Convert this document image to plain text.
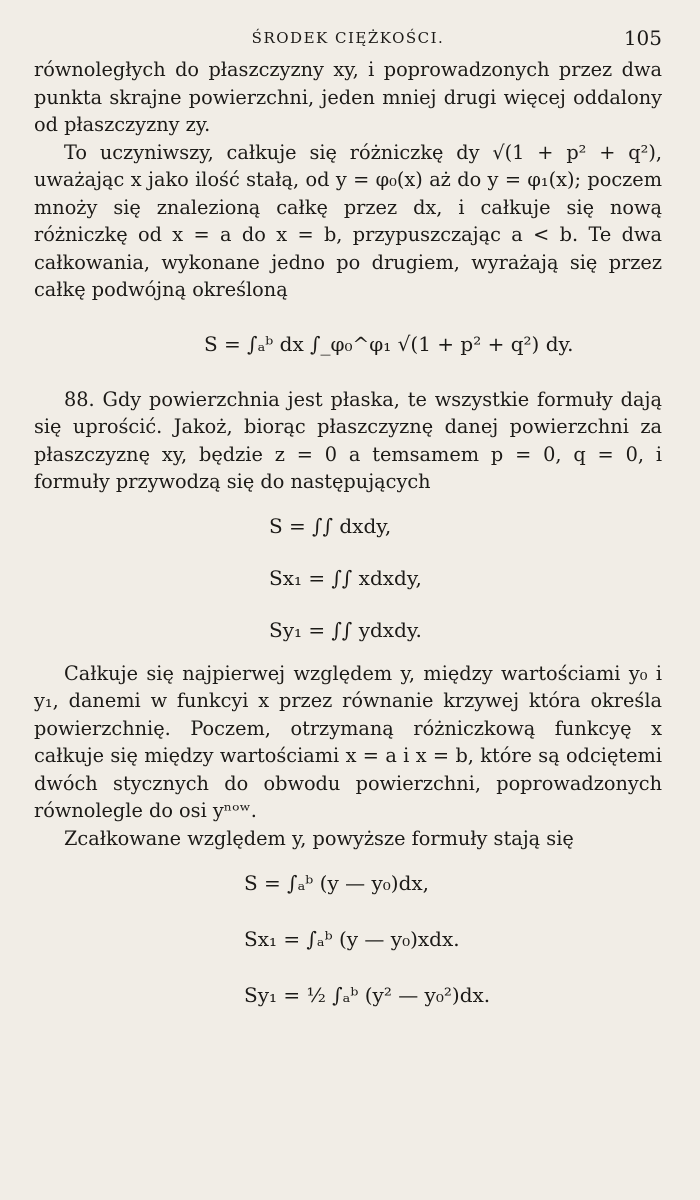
ŚRODEK CIĘŻKOŚCI.	105

równoległych do płaszczyzny xy, i poprowadzonych przez dwa punkta skrajne powierzchni, jeden mniej drugi więcej oddalony od płaszczyzny zy.

To uczyniwszy, całkuje się różniczkę dy √(1 + p² + q²), uważając x jako ilość stałą, od y = φ₀(x) aż do y = φ₁(x); poczem mnoży się znalezioną całkę przez dx, i całkuje się nową różniczkę od x = a do x = b, przypuszczając a < b. Te dwa całkowania, wykonane jedno po drugiem, wyrażają się przez całkę podwójną określoną

S = ∫ₐᵇ dx ∫_φ₀^φ₁ √(1 + p² + q²) dy.

88. Gdy powierzchnia jest płaska, te wszystkie formuły dają się uprościć. Jakoż, biorąc płaszczyznę danej powierzchni za płaszczyznę xy, będzie z = 0 a temsamem p = 0, q = 0, i formuły przywodzą się do następujących

S = ∫∫ dxdy,
Sx₁ = ∫∫ xdxdy,
Sy₁ = ∫∫ ydxdy.

Całkuje się najpierwej względem y, między wartościami y₀ i y₁, danemi w funkcyi x przez równanie krzywej która określa powierzchnię. Poczem, otrzymaną różniczkową funkcyę x całkuje się między wartościami x = a i x = b, które są odciętemi dwóch stycznych do obwodu powierzchni, poprowadzonych równolegle do osi yⁿᵒʷ.

Zcałkowane względem y, powyższe formuły stają się

S = ∫ₐᵇ (y — y₀)dx,
Sx₁ = ∫ₐᵇ (y — y₀)xdx.
Sy₁ = ½ ∫ₐᵇ (y² — y₀²)dx.
